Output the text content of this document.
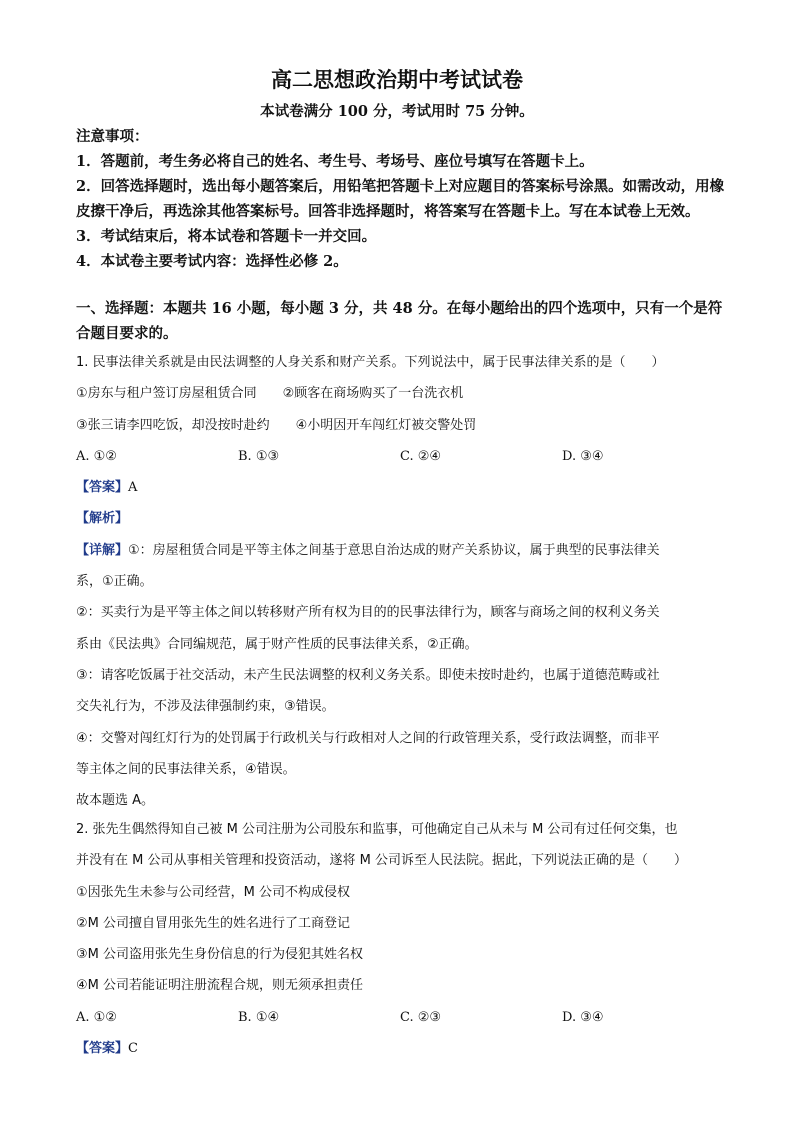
高二思想政治期中考试试卷
本试卷满分 100 分，考试用时 75 分钟。

注意事项：

1．答题前，考生务必将自己的姓名、考生号、考场号、座位号填写在答题卡上。

2．回答选择题时，选出每小题答案后，用铅笔把答题卡上对应题目的答案标号涂黑。如需改动，用橡皮擦干净后，再选涂其他答案标号。回答非选择题时，将答案写在答题卡上。写在本试卷上无效。

3．考试结束后，将本试卷和答题卡一并交回。

4．本试卷主要考试内容：选择性必修 2。

一、选择题：本题共 16 小题，每小题 3 分，共 48 分。在每小题给出的四个选项中，只有一个是符合题目要求的。

1. 民事法律关系就是由民法调整的人身关系和财产关系。下列说法中，属于民事法律关系的是（　　）

①房东与租户签订房屋租赁合同　　②顾客在商场购买了一台洗衣机

③张三请李四吃饭，却没按时赴约　　④小明因开车闯红灯被交警处罚

A. ①②	B. ①③	C. ②④	D. ③④

【答案】A

【解析】

【详解】①：房屋租赁合同是平等主体之间基于意思自治达成的财产关系协议，属于典型的民事法律关

系，①正确。

②：买卖行为是平等主体之间以转移财产所有权为目的的民事法律行为，顾客与商场之间的权利义务关

系由《民法典》合同编规范，属于财产性质的民事法律关系，②正确。

③：请客吃饭属于社交活动，未产生民法调整的权利义务关系。即使未按时赴约，也属于道德范畴或社

交失礼行为，不涉及法律强制约束，③错误。

④：交警对闯红灯行为的处罚属于行政机关与行政相对人之间的行政管理关系，受行政法调整，而非平

等主体之间的民事法律关系，④错误。

故本题选 A。

2. 张先生偶然得知自己被 M 公司注册为公司股东和监事，可他确定自己从未与 M 公司有过任何交集，也

并没有在 M 公司从事相关管理和投资活动，遂将 M 公司诉至人民法院。据此，下列说法正确的是（　　）

①因张先生未参与公司经营，M 公司不构成侵权

②M 公司擅自冒用张先生的姓名进行了工商登记

③M 公司盗用张先生身份信息的行为侵犯其姓名权

④M 公司若能证明注册流程合规，则无须承担责任

A. ①②	B. ①④	C. ②③	D. ③④

【答案】C
